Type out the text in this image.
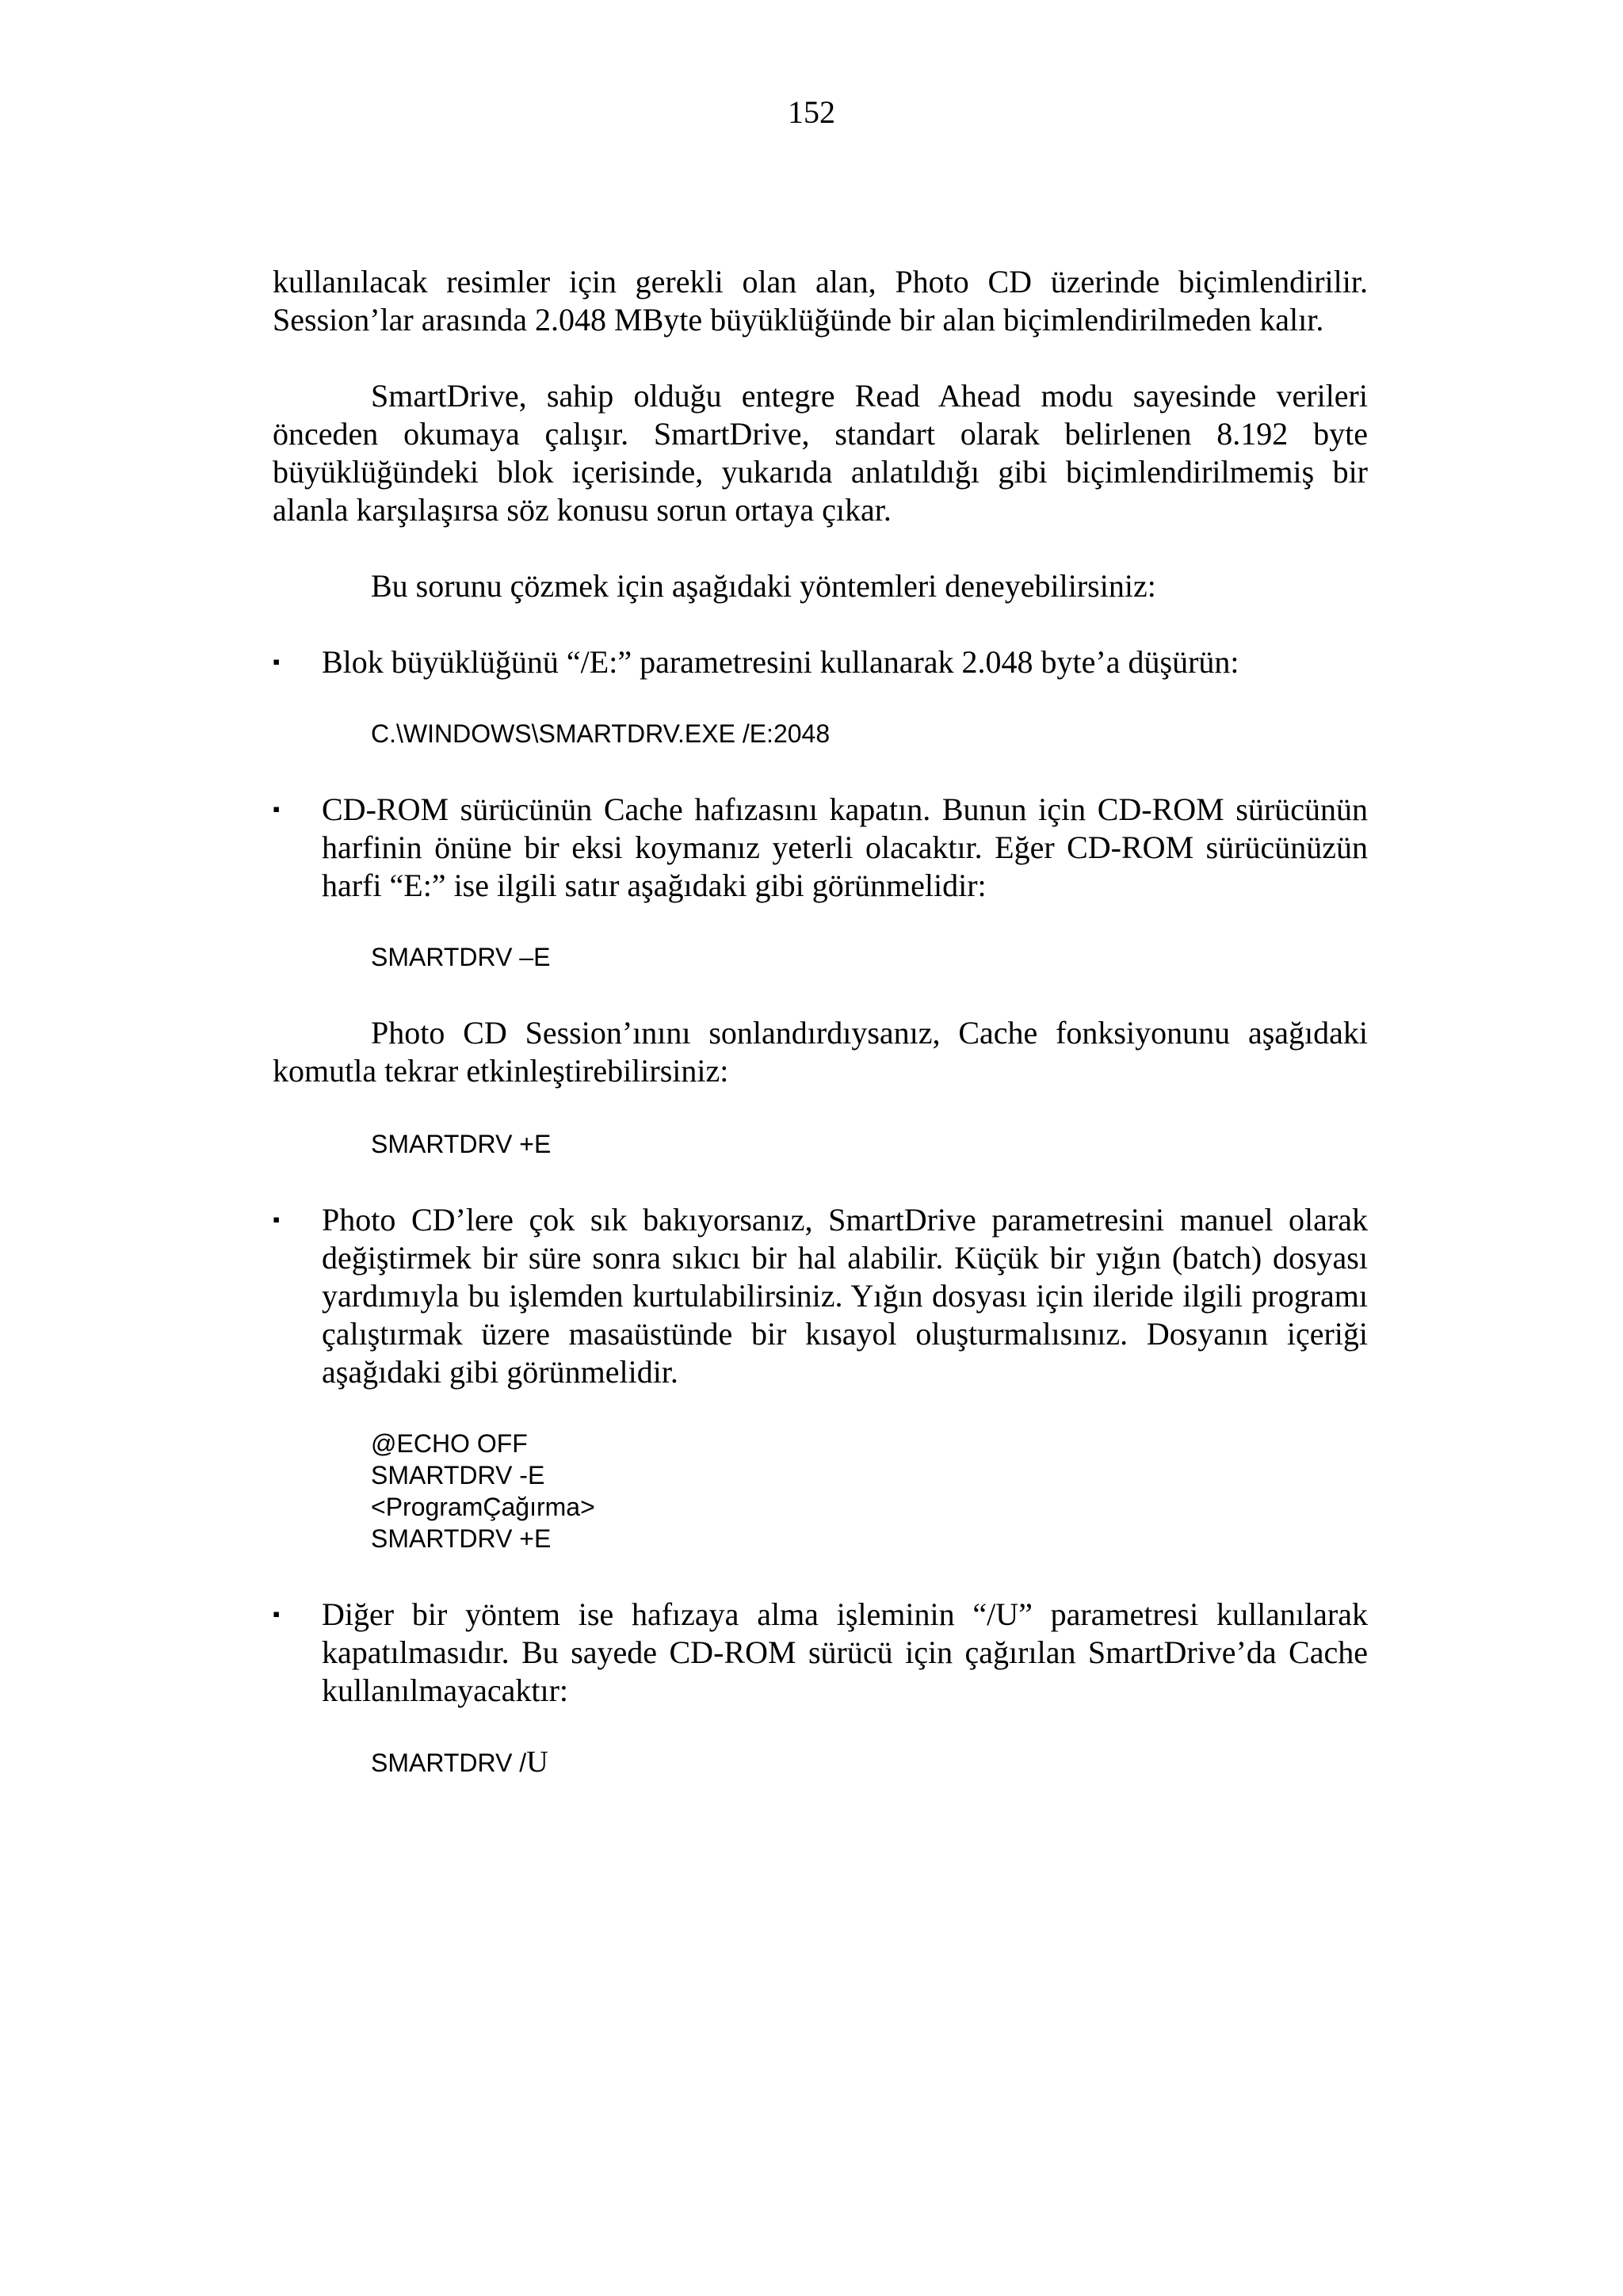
152

kullanılacak resimler için gerekli olan alan, Photo CD üzerinde biçimlendirilir. Session’lar arasında 2.048 MByte büyüklüğünde bir alan biçimlendirilmeden kalır.

SmartDrive, sahip olduğu entegre Read Ahead modu sayesinde verileri önceden okumaya çalışır. SmartDrive, standart olarak belirlenen 8.192 byte büyüklüğündeki blok içerisinde, yukarıda anlatıldığı gibi biçimlendirilmemiş bir alanla karşılaşırsa söz konusu sorun ortaya çıkar.

Bu sorunu çözmek için aşağıdaki yöntemleri deneyebilirsiniz:

▪ Blok büyüklüğünü “/E:” parametresini kullanarak 2.048 byte’a düşürün:

C.\WINDOWS\SMARTDRV.EXE /E:2048
▪ CD-ROM sürücünün Cache hafızasını kapatın. Bunun için CD-ROM sürücünün harfinin önüne bir eksi koymanız yeterli olacaktır. Eğer CD-ROM sürücünüzün harfi “E:” ise ilgili satır aşağıdaki gibi görünmelidir:

SMARTDRV –E

Photo CD Session’ınını sonlandırdıysanız, Cache fonksiyonunu aşağıdaki komutla tekrar etkinleştirebilirsiniz:

SMARTDRV +E
▪ Photo CD’lere çok sık bakıyorsanız, SmartDrive parametresini manuel olarak değiştirmek bir süre sonra sıkıcı bir hal alabilir. Küçük bir yığın (batch) dosyası yardımıyla bu işlemden kurtulabilirsiniz. Yığın dosyası için ileride ilgili programı çalıştırmak üzere masaüstünde bir kısayol oluşturmalısınız. Dosyanın içeriği aşağıdaki gibi görünmelidir.

@ECHO OFF
SMARTDRV -E
<ProgramÇağırma>
SMARTDRV +E
▪ Diğer bir yöntem ise hafızaya alma işleminin “/U” parametresi kullanılarak kapatılmasıdır. Bu sayede CD-ROM sürücü için çağırılan SmartDrive’da Cache kullanılmayacaktır:

SMARTDRV /U
